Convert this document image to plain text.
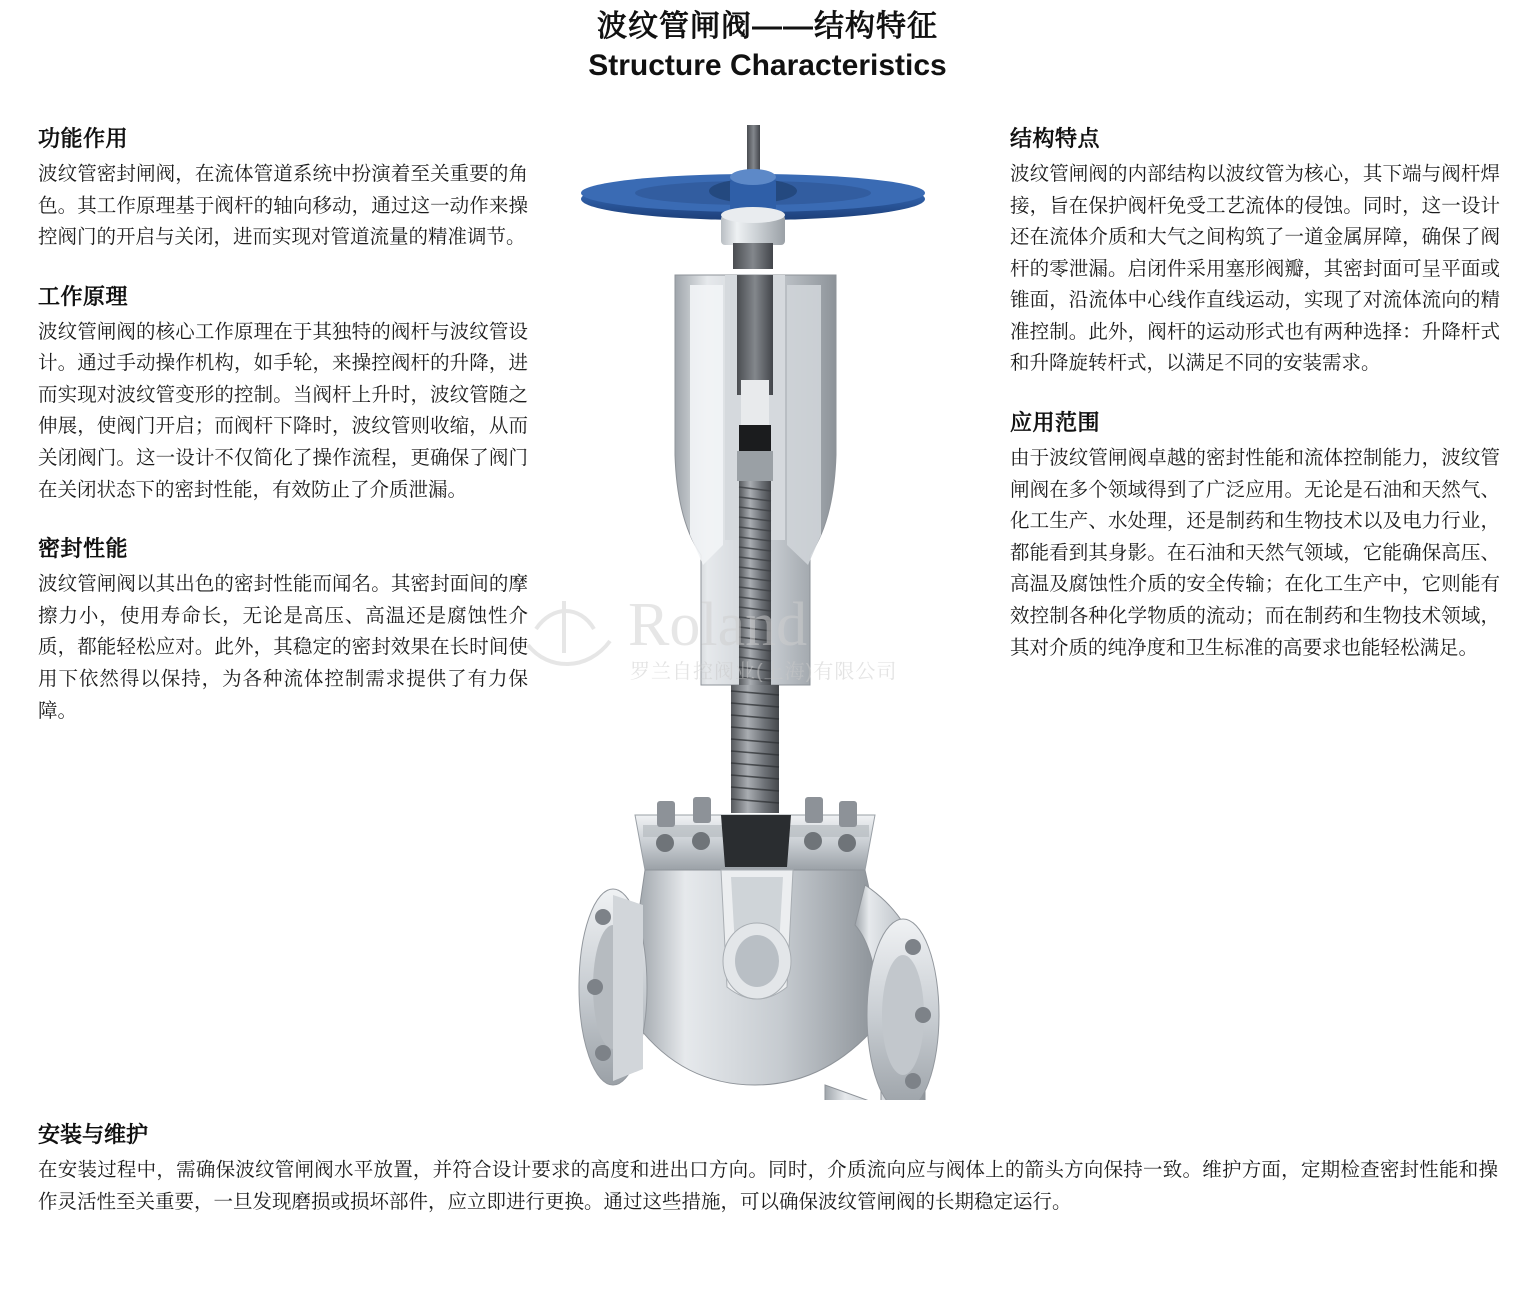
波纹管闸阀——结构特征
Structure Characteristics
功能作用

波纹管密封闸阀，在流体管道系统中扮演着至关重要的角色。其工作原理基于阀杆的轴向移动，通过这一动作来操控阀门的开启与关闭，进而实现对管道流量的精准调节。

工作原理

波纹管闸阀的核心工作原理在于其独特的阀杆与波纹管设计。通过手动操作机构，如手轮，来操控阀杆的升降，进而实现对波纹管变形的控制。当阀杆上升时，波纹管随之伸展，使阀门开启；而阀杆下降时，波纹管则收缩，从而关闭阀门。这一设计不仅简化了操作流程，更确保了阀门在关闭状态下的密封性能，有效防止了介质泄漏。

密封性能

波纹管闸阀以其出色的密封性能而闻名。其密封面间的摩擦力小，使用寿命长，无论是高压、高温还是腐蚀性介质，都能轻松应对。此外，其稳定的密封效果在长时间使用下依然得以保持，为各种流体控制需求提供了有力保障。

结构特点

波纹管闸阀的内部结构以波纹管为核心，其下端与阀杆焊接，旨在保护阀杆免受工艺流体的侵蚀。同时，这一设计还在流体介质和大气之间构筑了一道金属屏障，确保了阀杆的零泄漏。启闭件采用塞形阀瓣，其密封面可呈平面或锥面，沿流体中心线作直线运动，实现了对流体流向的精准控制。此外，阀杆的运动形式也有两种选择：升降杆式和升降旋转杆式，以满足不同的安装需求。

应用范围

由于波纹管闸阀卓越的密封性能和流体控制能力，波纹管闸阀在多个领域得到了广泛应用。无论是石油和天然气、化工生产、水处理，还是制药和生物技术以及电力行业，都能看到其身影。在石油和天然气领域，它能确保高压、高温及腐蚀性介质的安全传输；在化工生产中，它则能有效控制各种化学物质的流动；而在制药和生物技术领域，其对介质的纯净度和卫生标准的高要求也能轻松满足。

Roland
罗兰自控阀业(上海)有限公司
安装与维护

在安装过程中，需确保波纹管闸阀水平放置，并符合设计要求的高度和进出口方向。同时，介质流向应与阀体上的箭头方向保持一致。维护方面，定期检查密封性能和操作灵活性至关重要，一旦发现磨损或损坏部件，应立即进行更换。通过这些措施，可以确保波纹管闸阀的长期稳定运行。
